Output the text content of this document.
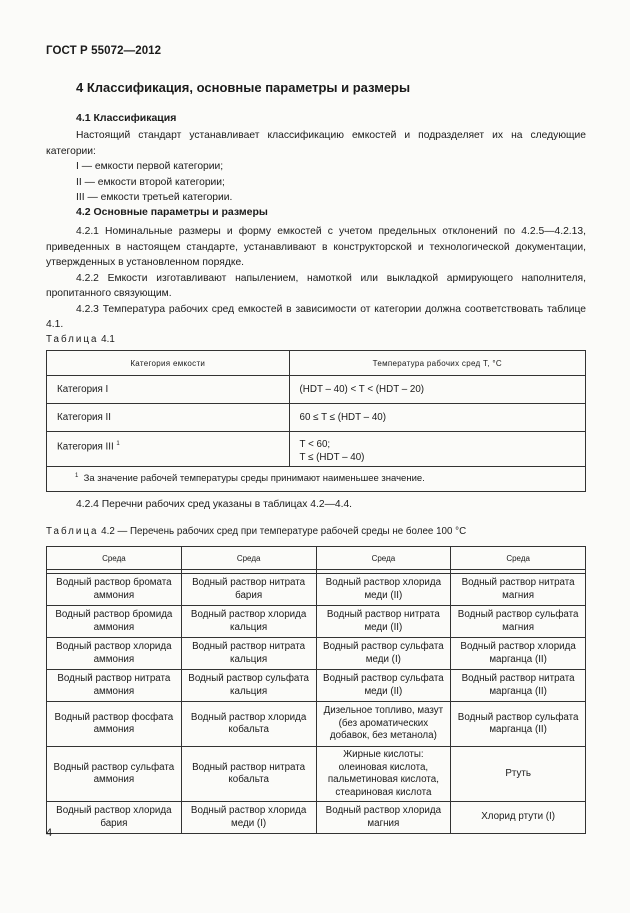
ГОСТ Р 55072—2012
4 Классификация, основные параметры и размеры
4.1 Классификация

Настоящий стандарт устанавливает классификацию емкостей и подразделяет их на следующие категории:

I — емкости первой категории;
II — емкости второй категории;
III — емкости третьей категории.
4.2 Основные параметры и размеры

4.2.1 Номинальные размеры и форму емкостей с учетом предельных отклонений по 4.2.5—4.2.13, приведенных в настоящем стандарте, устанавливают в конструкторской и технологической документации, утвержденных в установленном порядке.

4.2.2 Емкости изготавливают напылением, намоткой или выкладкой армирующего наполнителя, пропитанного связующим.

4.2.3 Температура рабочих сред емкостей в зависимости от категории должна соответствовать таблице 4.1.

Таблица 4.1
Категория емкости	Температура рабочих сред T, °C
Категория I	(HDT – 40) < T < (HDT – 20)
Категория II	60 ≤ T ≤ (HDT – 40)
Категория III $^1$	T < 60;
T ≤ (HDT – 40)

$^1$ За значение рабочей температуры среды принимают наименьшее значение.	

4.2.4 Перечни рабочих сред указаны в таблицах 4.2—4.4.

Таблица 4.2 — Перечень рабочих сред при температуре рабочей среды не более 100 °С
Среда	Среда	Среда	Среда

Водный раствор бромата аммония	Водный раствор нитрата бария	Водный раствор хлорида меди (II)	Водный раствор нитрата магния
Водный раствор бромида аммония	Водный раствор хлорида кальция	Водный раствор нитрата меди (II)	Водный раствор сульфата магния
Водный раствор хлорида аммония	Водный раствор нитрата кальция	Водный раствор сульфата меди (I)	Водный раствор хлорида марганца (II)
Водный раствор нитрата аммония	Водный раствор сульфата кальция	Водный раствор сульфата меди (II)	Водный раствор нитрата марганца (II)
Водный раствор фосфата аммония	Водный раствор хлорида кобальта	Дизельное топливо, мазут (без ароматических добавок, без метанола)	Водный раствор сульфата марганца (II)
Водный раствор сульфата аммония	Водный раствор нитрата кобальта	Жирные кислоты: олеиновая кислота, пальметиновая кислота, стеариновая кислота	Ртуть
Водный раствор хлорида бария	Водный раствор хлорида меди (I)	Водный раствор хлорида магния	Хлорид ртути (I)
4
